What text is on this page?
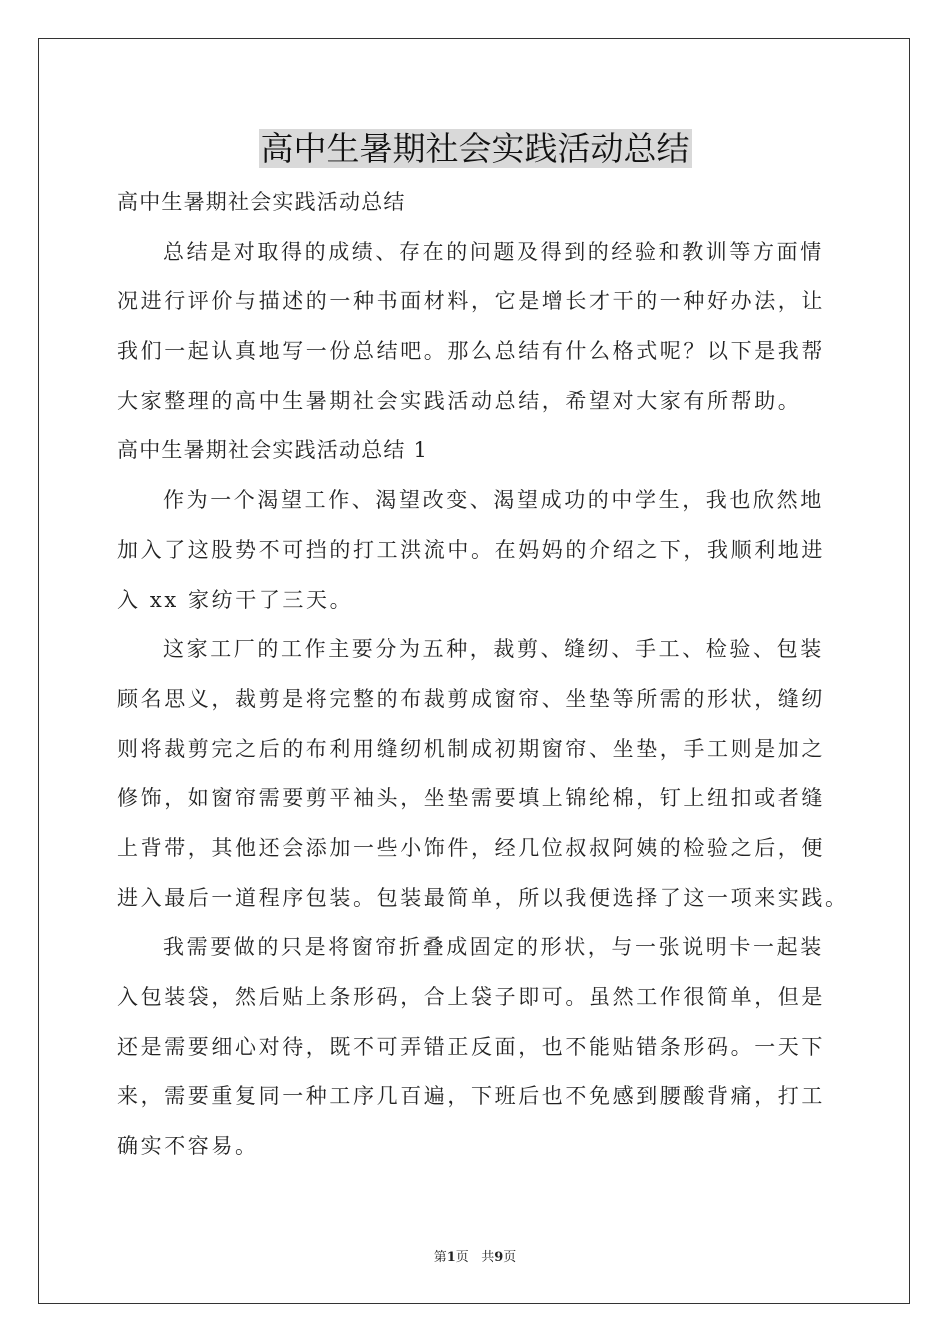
高中生暑期社会实践活动总结
高中生暑期社会实践活动总结
总结是对取得的成绩、存在的问题及得到的经验和教训等方面情
况进行评价与描述的一种书面材料，它是增长才干的一种好办法，让
我们一起认真地写一份总结吧。那么总结有什么格式呢？以下是我帮
大家整理的高中生暑期社会实践活动总结，希望对大家有所帮助。
高中生暑期社会实践活动总结 1
作为一个渴望工作、渴望改变、渴望成功的中学生，我也欣然地
加入了这股势不可挡的打工洪流中。在妈妈的介绍之下，我顺利地进
入 xx 家纺干了三天。
这家工厂的工作主要分为五种，裁剪、缝纫、手工、检验、包装
顾名思义，裁剪是将完整的布裁剪成窗帘、坐垫等所需的形状，缝纫
则将裁剪完之后的布利用缝纫机制成初期窗帘、坐垫，手工则是加之
修饰，如窗帘需要剪平袖头，坐垫需要填上锦纶棉，钉上纽扣或者缝
上背带，其他还会添加一些小饰件，经几位叔叔阿姨的检验之后，便
进入最后一道程序包装。包装最简单，所以我便选择了这一项来实践。
我需要做的只是将窗帘折叠成固定的形状，与一张说明卡一起装
入包装袋，然后贴上条形码，合上袋子即可。虽然工作很简单，但是
还是需要细心对待，既不可弄错正反面，也不能贴错条形码。一天下
来，需要重复同一种工序几百遍，下班后也不免感到腰酸背痛，打工
确实不容易。
第1页 共9页
